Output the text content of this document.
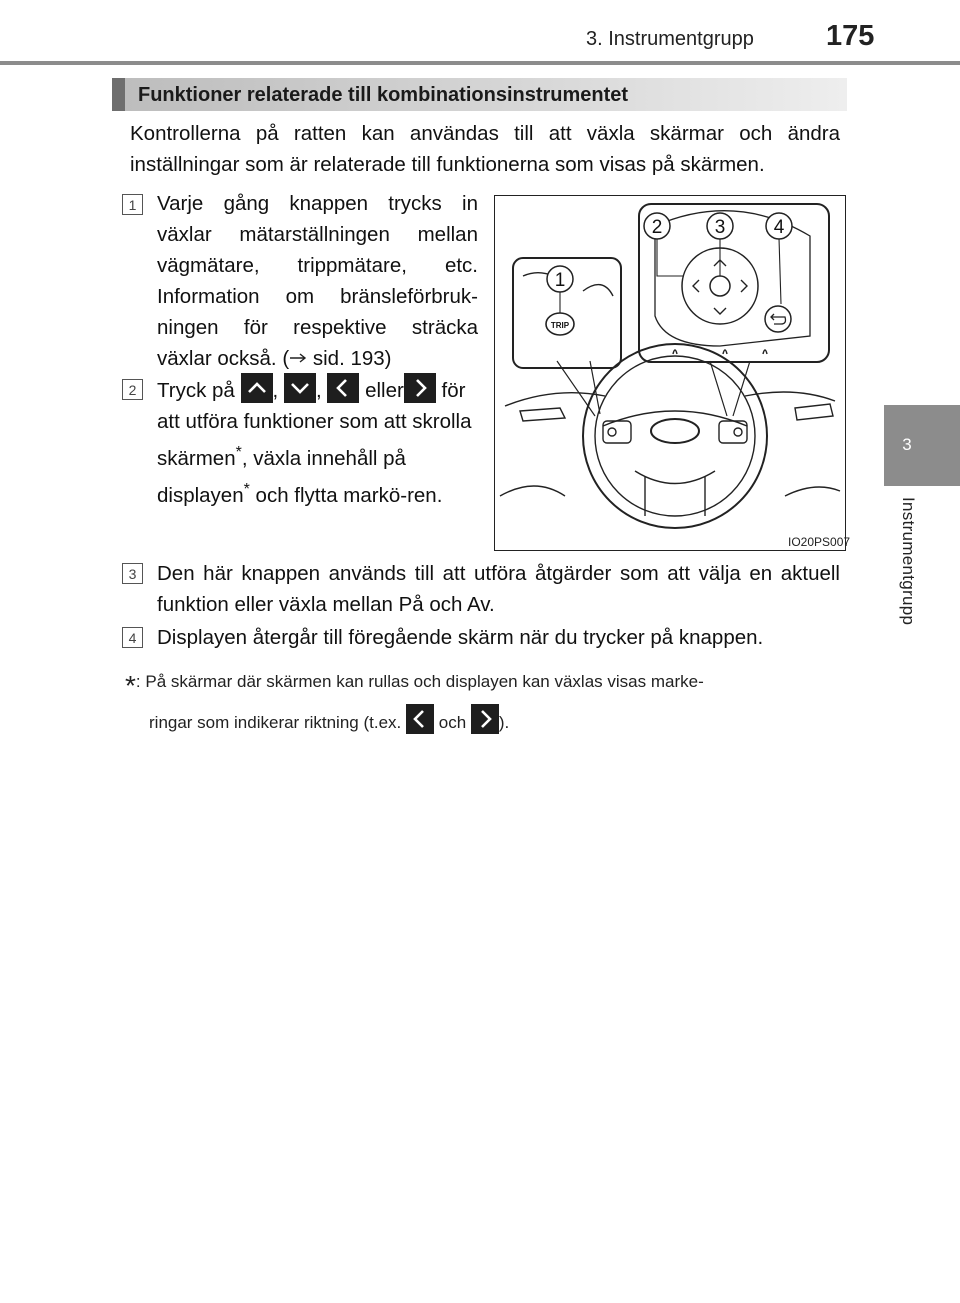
3. Instrumentgrupp 175
3
Instrumentgrupp
Funktioner relaterade till kombinationsinstrumentet
Kontrollerna på ratten kan användas till att växla skärmar och ändra inställningar som är relaterade till funktionerna som visas på skärmen.
1	Varje gång knappen trycks in växlar mätarställningen mellan vägmätare, trippmätare, etc. Information om bränsleförbruk-ningen för respektive sträcka växlar också. ( sid. 193)
2	Tryck på , , eller för att utföra funktioner som att skrolla skärmen*, växla innehåll på displayen* och flytta markö-ren.
1
2	3	4
TRIP
IO20PS007
3	Den här knappen används till att utföra åtgärder som att välja en aktuell funktion eller växla mellan På och Av.
4	Displayen återgår till föregående skärm när du trycker på knappen.
*: På skärmar där skärmen kan rullas och displayen kan växlas visas marke-
ringar som indikerar riktning (t.ex. och ).
